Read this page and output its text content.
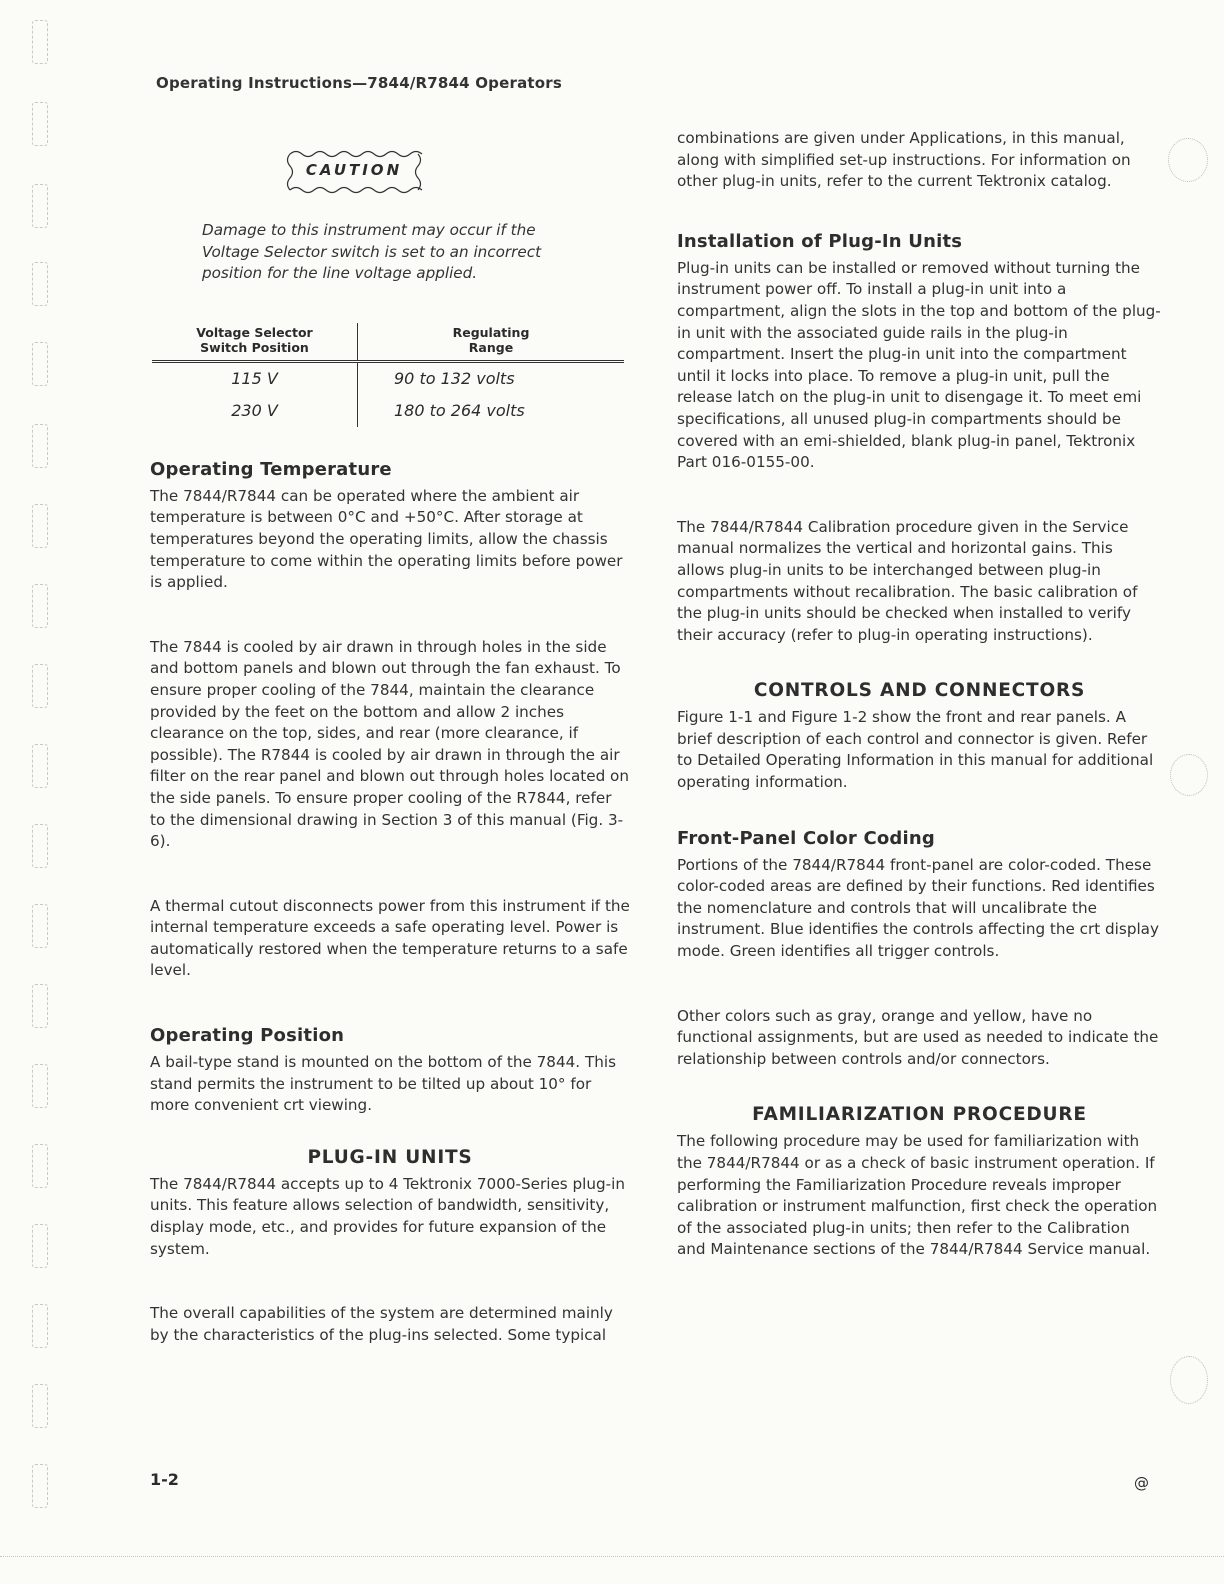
Operating Instructions—7844/R7844 Operators
CAUTION

Damage to this instrument may occur if the Voltage Selector switch is set to an incorrect position for the line voltage applied.

Voltage Selector
Switch Position	Regulating
Range
115 V	90 to 132 volts
230 V	180 to 264 volts
Operating Temperature

The 7844/R7844 can be operated where the ambient air temperature is between 0°C and +50°C. After storage at temperatures beyond the operating limits, allow the chassis temperature to come within the operating limits before power is applied.

The 7844 is cooled by air drawn in through holes in the side and bottom panels and blown out through the fan exhaust. To ensure proper cooling of the 7844, maintain the clearance provided by the feet on the bottom and allow 2 inches clearance on the top, sides, and rear (more clearance, if possible). The R7844 is cooled by air drawn in through the air filter on the rear panel and blown out through holes located on the side panels. To ensure proper cooling of the R7844, refer to the dimensional drawing in Section 3 of this manual (Fig. 3-6).

A thermal cutout disconnects power from this instrument if the internal temperature exceeds a safe operating level. Power is automatically restored when the temperature returns to a safe level.

Operating Position

A bail-type stand is mounted on the bottom of the 7844. This stand permits the instrument to be tilted up about 10° for more convenient crt viewing.

PLUG-IN UNITS

The 7844/R7844 accepts up to 4 Tektronix 7000-Series plug-in units. This feature allows selection of bandwidth, sensitivity, display mode, etc., and provides for future expansion of the system.

The overall capabilities of the system are determined mainly by the characteristics of the plug-ins selected. Some typical

combinations are given under Applications, in this manual, along with simplified set-up instructions. For information on other plug-in units, refer to the current Tektronix catalog.

Installation of Plug-In Units

Plug-in units can be installed or removed without turning the instrument power off. To install a plug-in unit into a compartment, align the slots in the top and bottom of the plug-in unit with the associated guide rails in the plug-in compartment. Insert the plug-in unit into the compartment until it locks into place. To remove a plug-in unit, pull the release latch on the plug-in unit to disengage it. To meet emi specifications, all unused plug-in compartments should be covered with an emi-shielded, blank plug-in panel, Tektronix Part 016-0155-00.

The 7844/R7844 Calibration procedure given in the Service manual normalizes the vertical and horizontal gains. This allows plug-in units to be interchanged between plug-in compartments without recalibration. The basic calibration of the plug-in units should be checked when installed to verify their accuracy (refer to plug-in operating instructions).

CONTROLS AND CONNECTORS

Figure 1-1 and Figure 1-2 show the front and rear panels. A brief description of each control and connector is given. Refer to Detailed Operating Information in this manual for additional operating information.

Front-Panel Color Coding

Portions of the 7844/R7844 front-panel are color-coded. These color-coded areas are defined by their functions. Red identifies the nomenclature and controls that will uncalibrate the instrument. Blue identifies the controls affecting the crt display mode. Green identifies all trigger controls.

Other colors such as gray, orange and yellow, have no functional assignments, but are used as needed to indicate the relationship between controls and/or connectors.

FAMILIARIZATION PROCEDURE

The following procedure may be used for familiarization with the 7844/R7844 or as a check of basic instrument operation. If performing the Familiarization Procedure reveals improper calibration or instrument malfunction, first check the operation of the associated plug-in units; then refer to the Calibration and Maintenance sections of the 7844/R7844 Service manual.

1-2	@
